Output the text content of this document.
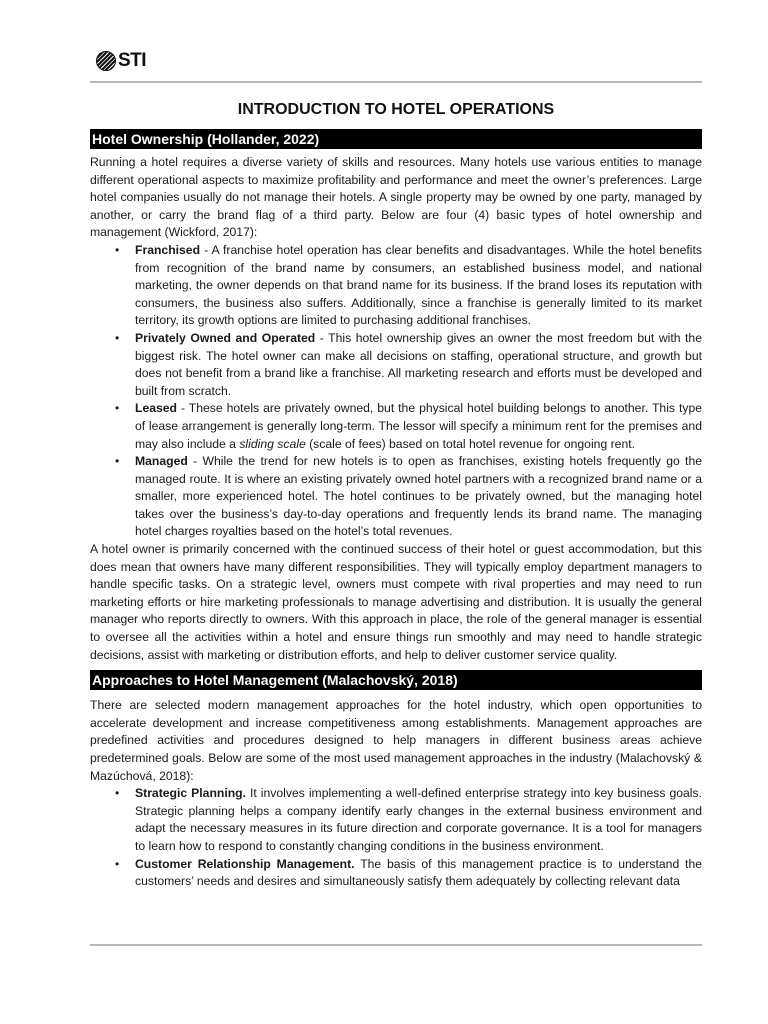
STI
INTRODUCTION TO HOTEL OPERATIONS
Hotel Ownership (Hollander, 2022)

Running a hotel requires a diverse variety of skills and resources. Many hotels use various entities to manage different operational aspects to maximize profitability and performance and meet the owner’s preferences. Large hotel companies usually do not manage their hotels. A single property may be owned by one party, managed by another, or carry the brand flag of a third party. Below are four (4) basic types of hotel ownership and management (Wickford, 2017):

• Franchised - A franchise hotel operation has clear benefits and disadvantages. While the hotel benefits from recognition of the brand name by consumers, an established business model, and national marketing, the owner depends on that brand name for its business. If the brand loses its reputation with consumers, the business also suffers. Additionally, since a franchise is generally limited to its market territory, its growth options are limited to purchasing additional franchises.
• Privately Owned and Operated - This hotel ownership gives an owner the most freedom but with the biggest risk. The hotel owner can make all decisions on staffing, operational structure, and growth but does not benefit from a brand like a franchise. All marketing research and efforts must be developed and built from scratch.
• Leased - These hotels are privately owned, but the physical hotel building belongs to another. This type of lease arrangement is generally long-term. The lessor will specify a minimum rent for the premises and may also include a sliding scale (scale of fees) based on total hotel revenue for ongoing rent.
• Managed - While the trend for new hotels is to open as franchises, existing hotels frequently go the managed route. It is where an existing privately owned hotel partners with a recognized brand name or a smaller, more experienced hotel. The hotel continues to be privately owned, but the managing hotel takes over the business’s day-to-day operations and frequently lends its brand name. The managing hotel charges royalties based on the hotel’s total revenues.

A hotel owner is primarily concerned with the continued success of their hotel or guest accommodation, but this does mean that owners have many different responsibilities. They will typically employ department managers to handle specific tasks. On a strategic level, owners must compete with rival properties and may need to run marketing efforts or hire marketing professionals to manage advertising and distribution. It is usually the general manager who reports directly to owners. With this approach in place, the role of the general manager is essential to oversee all the activities within a hotel and ensure things run smoothly and may need to handle strategic decisions, assist with marketing or distribution efforts, and help to deliver customer service quality.

Approaches to Hotel Management (Malachovský, 2018)

There are selected modern management approaches for the hotel industry, which open opportunities to accelerate development and increase competitiveness among establishments. Management approaches are predefined activities and procedures designed to help managers in different business areas achieve predetermined goals. Below are some of the most used management approaches in the industry (Malachovský & Mazúchová, 2018):

• Strategic Planning. It involves implementing a well-defined enterprise strategy into key business goals. Strategic planning helps a company identify early changes in the external business environment and adapt the necessary measures in its future direction and corporate governance. It is a tool for managers to learn how to respond to constantly changing conditions in the business environment.
• Customer Relationship Management. The basis of this management practice is to understand the customers’ needs and desires and simultaneously satisfy them adequately by collecting relevant data
